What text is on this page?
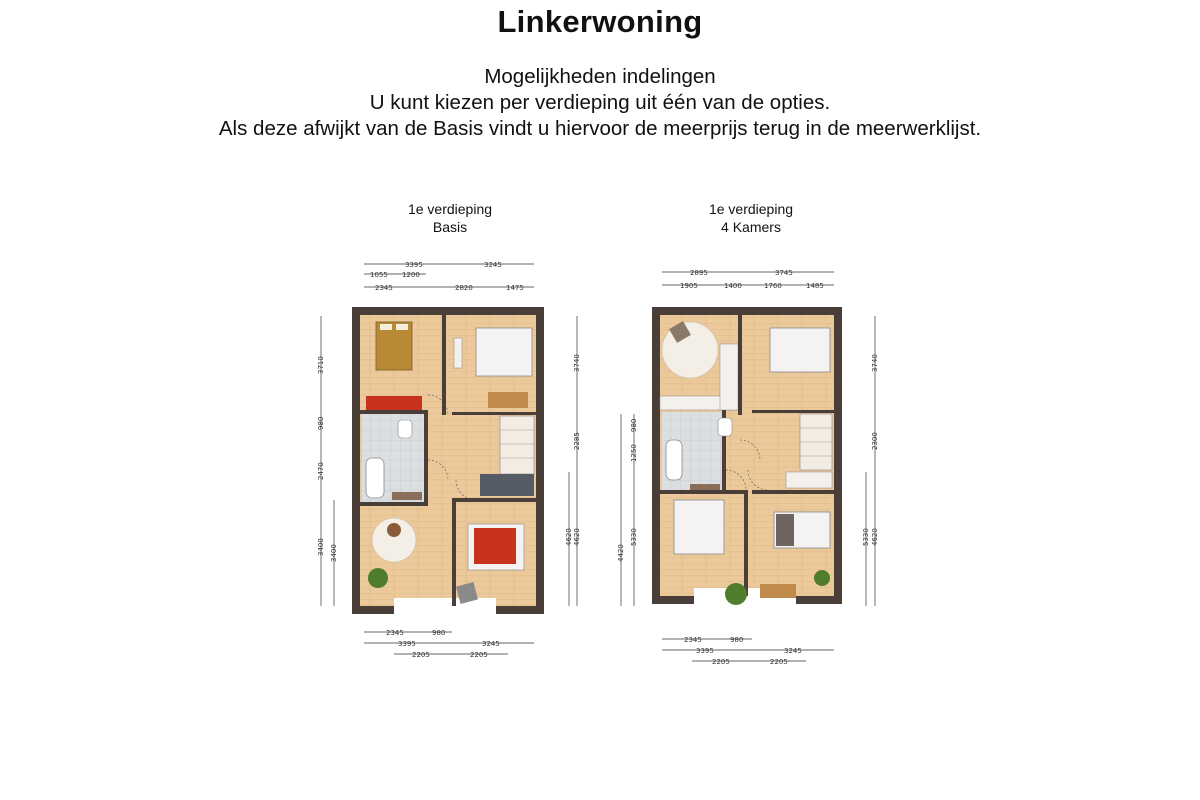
Linkerwoning
Mogelijkheden indelingen
U kunt kiezen per verdieping uit één van de opties.
Als deze afwijkt van de Basis vindt u hiervoor de meerprijs terug in de meerwerklijst.
1e verdieping
Basis
1e verdieping
4 Kamers
3395	3245
1055 1200
2345	2820	1475
3710
980
2470
3400 3400
3740
2285
4620 4620
2345	980
3395	3245
2205	2205
2895	3745
1905	1400	1760	1485
980
1250
4420
5330
3740
2300
5330 4620
2345	980
3395	3245
2205	2205
